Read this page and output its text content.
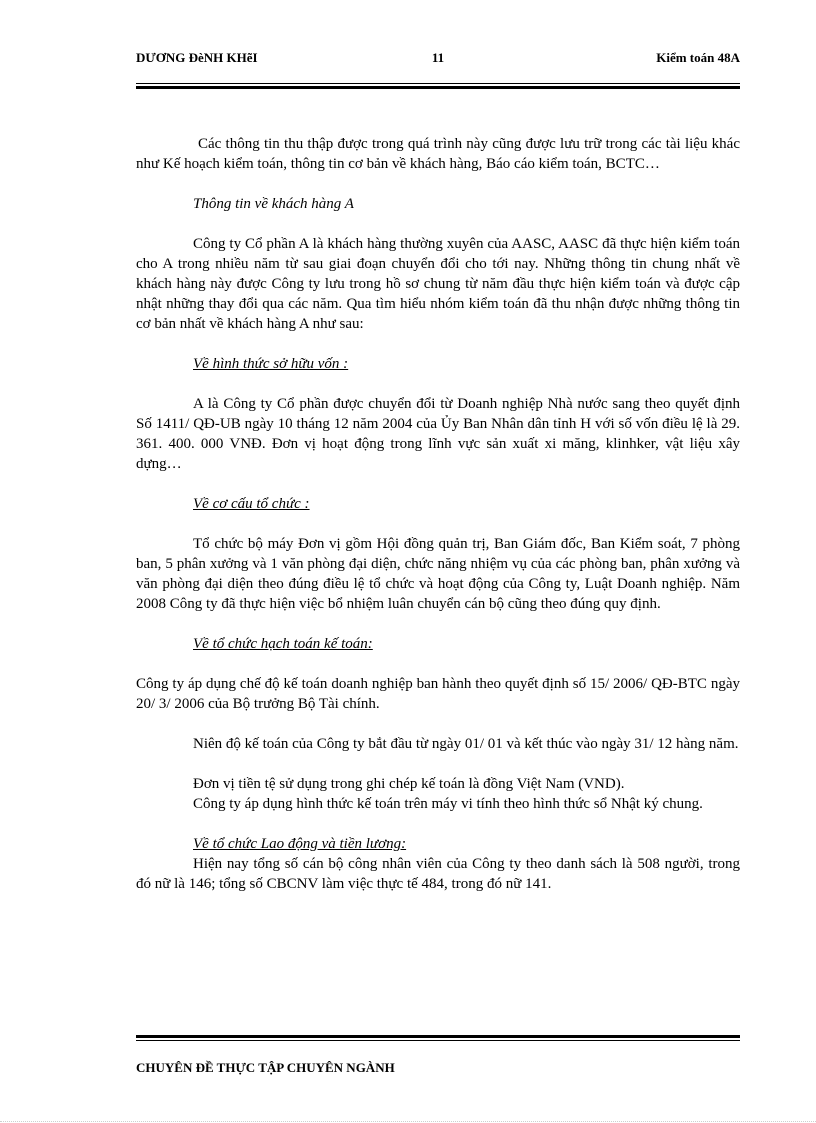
DƯƠNG ĐèNH KHẽI	11	Kiểm toán 48A

Các thông tin thu thập được trong quá trình này cũng được lưu trữ trong các tài liệu khác như Kế hoạch kiểm toán, thông tin cơ bản về khách hàng, Báo cáo kiểm toán, BCTC…

Thông tin về khách hàng A

Công ty Cổ phần A là khách hàng thường xuyên của AASC, AASC đã thực hiện kiểm toán cho A trong nhiều năm từ sau giai đoạn chuyển đổi cho tới nay. Những thông tin chung nhất về khách hàng này được Công ty lưu trong hồ sơ chung từ năm đầu thực hiện kiểm toán và được cập nhật những thay đổi qua các năm. Qua tìm hiểu nhóm kiểm toán đã thu nhận được những thông tin cơ bản nhất về khách hàng A như sau:

Về hình thức sở hữu vốn :

A là Công ty Cổ phần được chuyển đổi từ Doanh nghiệp Nhà nước sang theo quyết định Số 1411/ QĐ-UB ngày 10 tháng 12 năm 2004 của Ủy Ban Nhân dân tỉnh H với số vốn điều lệ là 29. 361. 400. 000 VNĐ. Đơn vị hoạt động trong lĩnh vực sản xuất xi măng, klinhker, vật liệu xây dựng…

Về cơ cấu tổ chức :

Tổ chức bộ máy Đơn vị gồm Hội đồng quản trị, Ban Giám đốc, Ban Kiểm soát, 7 phòng ban, 5 phân xưởng và 1 văn phòng đại diện, chức năng nhiệm vụ của các phòng ban, phân xưởng và văn phòng đại diện theo đúng điều lệ tổ chức và hoạt động của Công ty, Luật Doanh nghiệp. Năm 2008 Công ty đã thực hiện việc bổ nhiệm luân chuyển cán bộ cũng theo đúng quy định.

Về tổ chức hạch toán kế toán:

Công ty áp dụng chế độ kế toán doanh nghiệp ban hành theo quyết định số 15/ 2006/ QĐ-BTC ngày 20/ 3/ 2006 của Bộ trưởng Bộ Tài chính.

Niên độ kế toán của Công ty bắt đầu từ ngày 01/ 01 và kết thúc vào ngày 31/ 12 hàng năm.

Đơn vị tiền tệ sử dụng trong ghi chép kế toán là đồng Việt Nam (VND).

Công ty áp dụng hình thức kế toán trên máy vi tính theo hình thức sổ Nhật ký chung.

Về tổ chức Lao động và tiền lương:

Hiện nay tổng số cán bộ công nhân viên của Công ty theo danh sách là 508 người, trong đó nữ là 146; tổng số CBCNV làm việc thực tế 484, trong đó nữ 141.

CHUYÊN ĐỀ THỰC TẬP CHUYÊN NGÀNH
